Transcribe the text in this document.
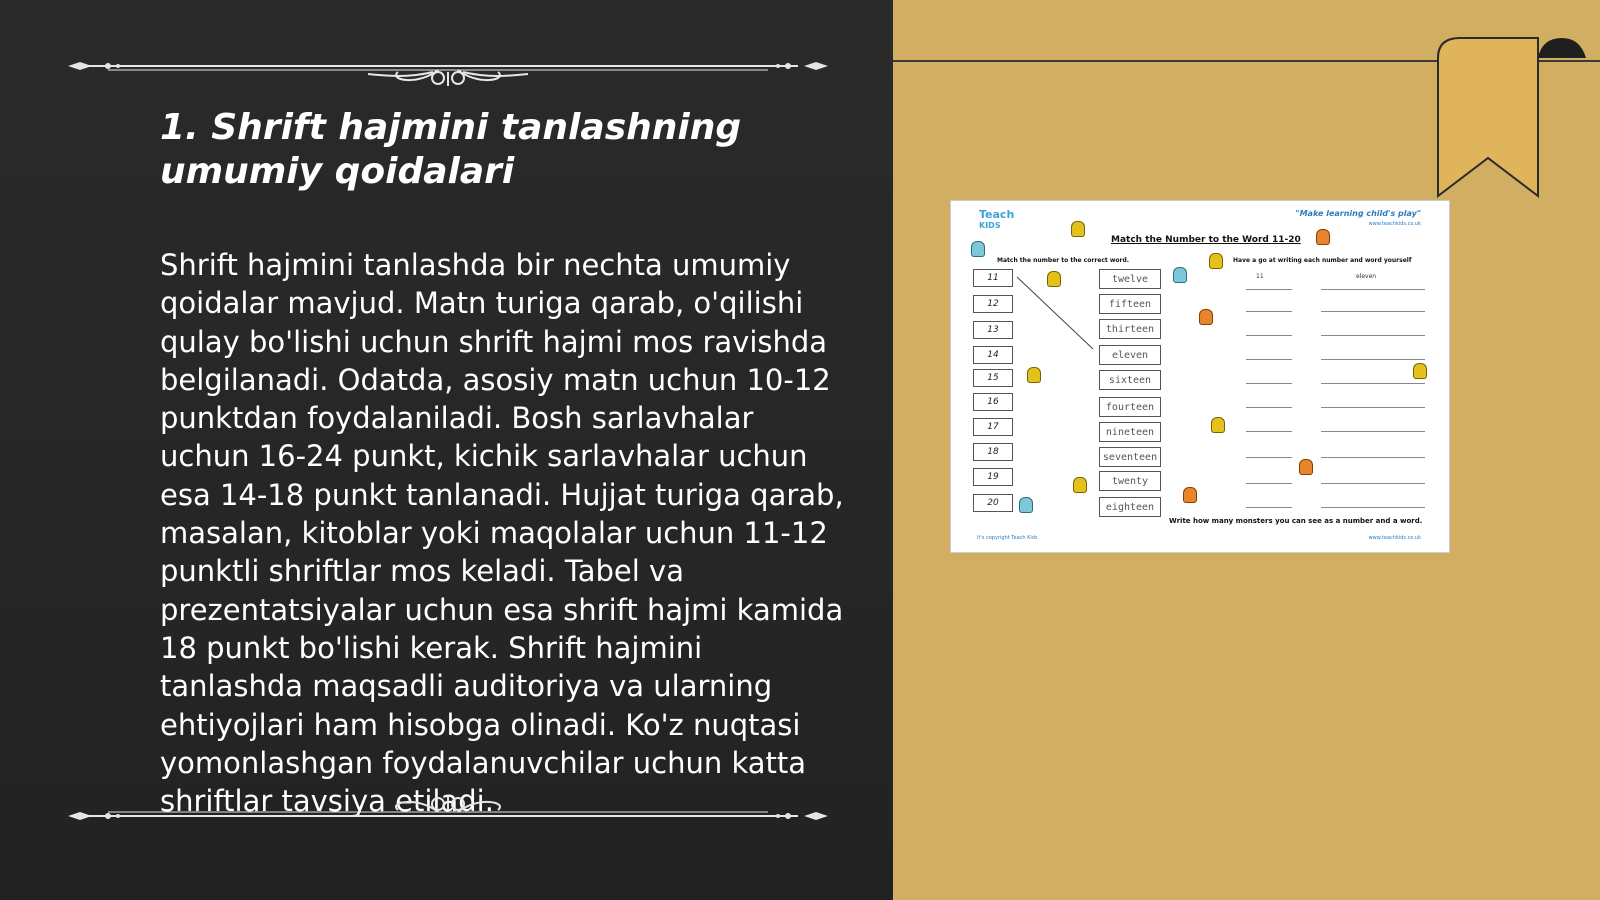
1. Shrift hajmini tanlashning umumiy qoidalari

Shrift hajmini tanlashda bir nechta umumiy qoidalar mavjud. Matn turiga qarab, o'qilishi qulay bo'lishi uchun shrift hajmi mos ravishda belgilanadi. Odatda, asosiy matn uchun 10-12 punktdan foydalaniladi. Bosh sarlavhalar uchun 16-24 punkt, kichik sarlavhalar uchun esa 14-18 punkt tanlanadi. Hujjat turiga qarab, masalan, kitoblar yoki maqolalar uchun 11-12 punktli shriftlar mos keladi. Tabel va prezentatsiyalar uchun esa shrift hajmi kamida 18 punkt bo'lishi kerak. Shrift hajmini tanlashda maqsadli auditoriya va ularning ehtiyojlari ham hisobga olinadi. Ko'z nuqtasi yomonlashgan foydalanuvchilar uchun katta shriftlar tavsiya etiladi.

Teach
KIDS
"Make learning child's play"
www.teachkids.co.uk
Match the Number to the Word 11-20
Match the number to the correct word.	Have a go at writing each number and word yourself
11
12
13
14
15
16
17
18
19
20
twelve
fifteen
thirteen
eleven
sixteen
fourteen
nineteen
seventeen
twenty
eighteen
11	eleven
Write how many monsters you can see as a number and a word.
It's copyright Teach Kids	www.teachkids.co.uk
